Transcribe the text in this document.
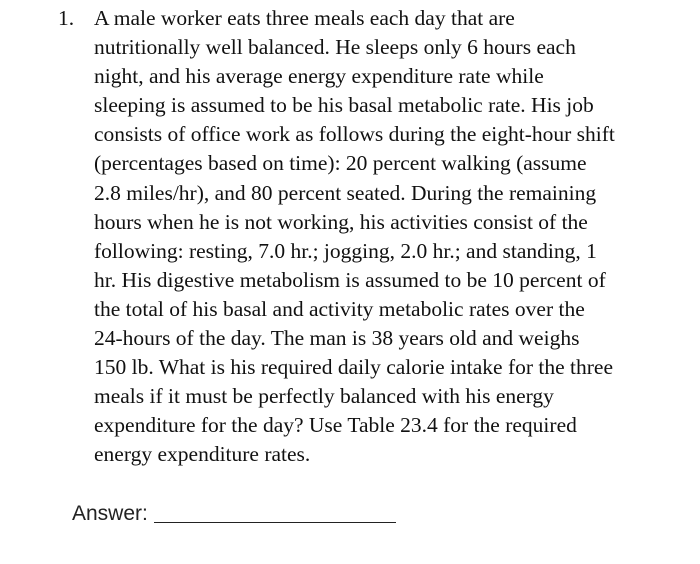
1. A male worker eats three meals each day that are
nutritionally well balanced. He sleeps only 6 hours each
night, and his average energy expenditure rate while
sleeping is assumed to be his basal metabolic rate. His job
consists of office work as follows during the eight-hour shift
(percentages based on time): 20 percent walking (assume
2.8 miles/hr), and 80 percent seated. During the remaining
hours when he is not working, his activities consist of the
following: resting, 7.0 hr.; jogging, 2.0 hr.; and standing, 1
hr. His digestive metabolism is assumed to be 10 percent of
the total of his basal and activity metabolic rates over the
24-hours of the day. The man is 38 years old and weighs
150 lb. What is his required daily calorie intake for the three
meals if it must be perfectly balanced with his energy
expenditure for the day? Use Table 23.4 for the required
energy expenditure rates.
Answer:
